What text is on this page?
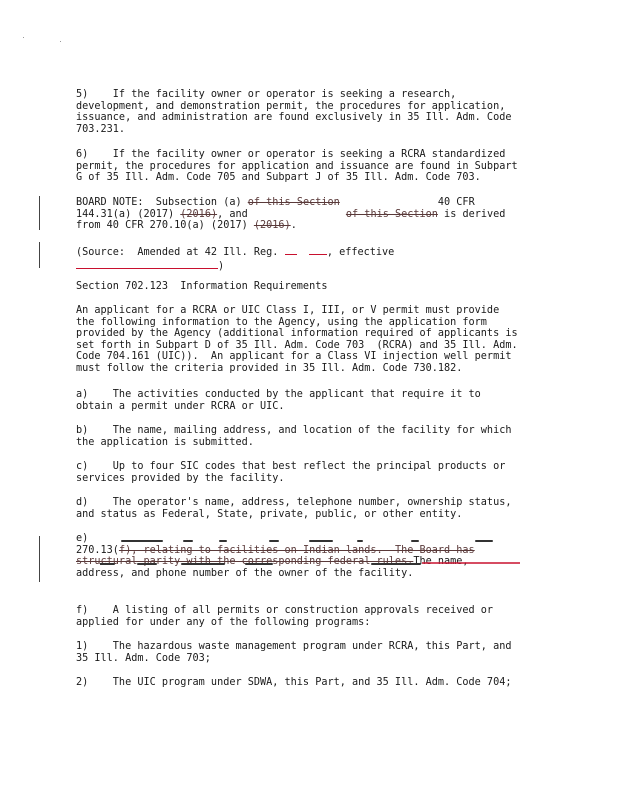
5)    If the facility owner or operator is seeking a research,
development, and demonstration permit, the procedures for application,
issuance, and administration are found exclusively in 35 Ill. Adm. Code
703.231.

6)    If the facility owner or operator is seeking a RCRA standardized
permit, the procedures for application and issuance are found in Subpart
G of 35 Ill. Adm. Code 705 and Subpart J of 35 Ill. Adm. Code 703.

BOARD NOTE:  Subsection (a) of this Section                40 CFR
144.31(a) (2017) (2016), and                of this Section is derived
from 40 CFR 270.10(a) (2017) (2016).

(Source:  Amended at 42 Ill. Reg.	, effective
)

Section 702.123  Information Requirements

An applicant for a RCRA or UIC Class I, III, or V permit must provide
the following information to the Agency, using the application form
provided by the Agency (additional information required of applicants is
set forth in Subpart D of 35 Ill. Adm. Code 703  (RCRA) and 35 Ill. Adm.
Code 704.161 (UIC)).  An applicant for a Class VI injection well permit
must follow the criteria provided in 35 Ill. Adm. Code 730.182.

a)    The activities conducted by the applicant that require it to
obtain a permit under RCRA or UIC.

b)    The name, mailing address, and location of the facility for which
the application is submitted.

c)    Up to four SIC codes that best reflect the principal products or
services provided by the facility.

d)    The operator's name, address, telephone number, ownership status,
and status as Federal, State, private, public, or other entity.

e)
270.13(f), relating to facilities on Indian lands.  The Board has
structural parity with the corresponding federal rules.The name,
address, and phone number of the owner of the facility.

f)    A listing of all permits or construction approvals received or
applied for under any of the following programs:

1)    The hazardous waste management program under RCRA, this Part, and
35 Ill. Adm. Code 703;

2)    The UIC program under SDWA, this Part, and 35 Ill. Adm. Code 704;
